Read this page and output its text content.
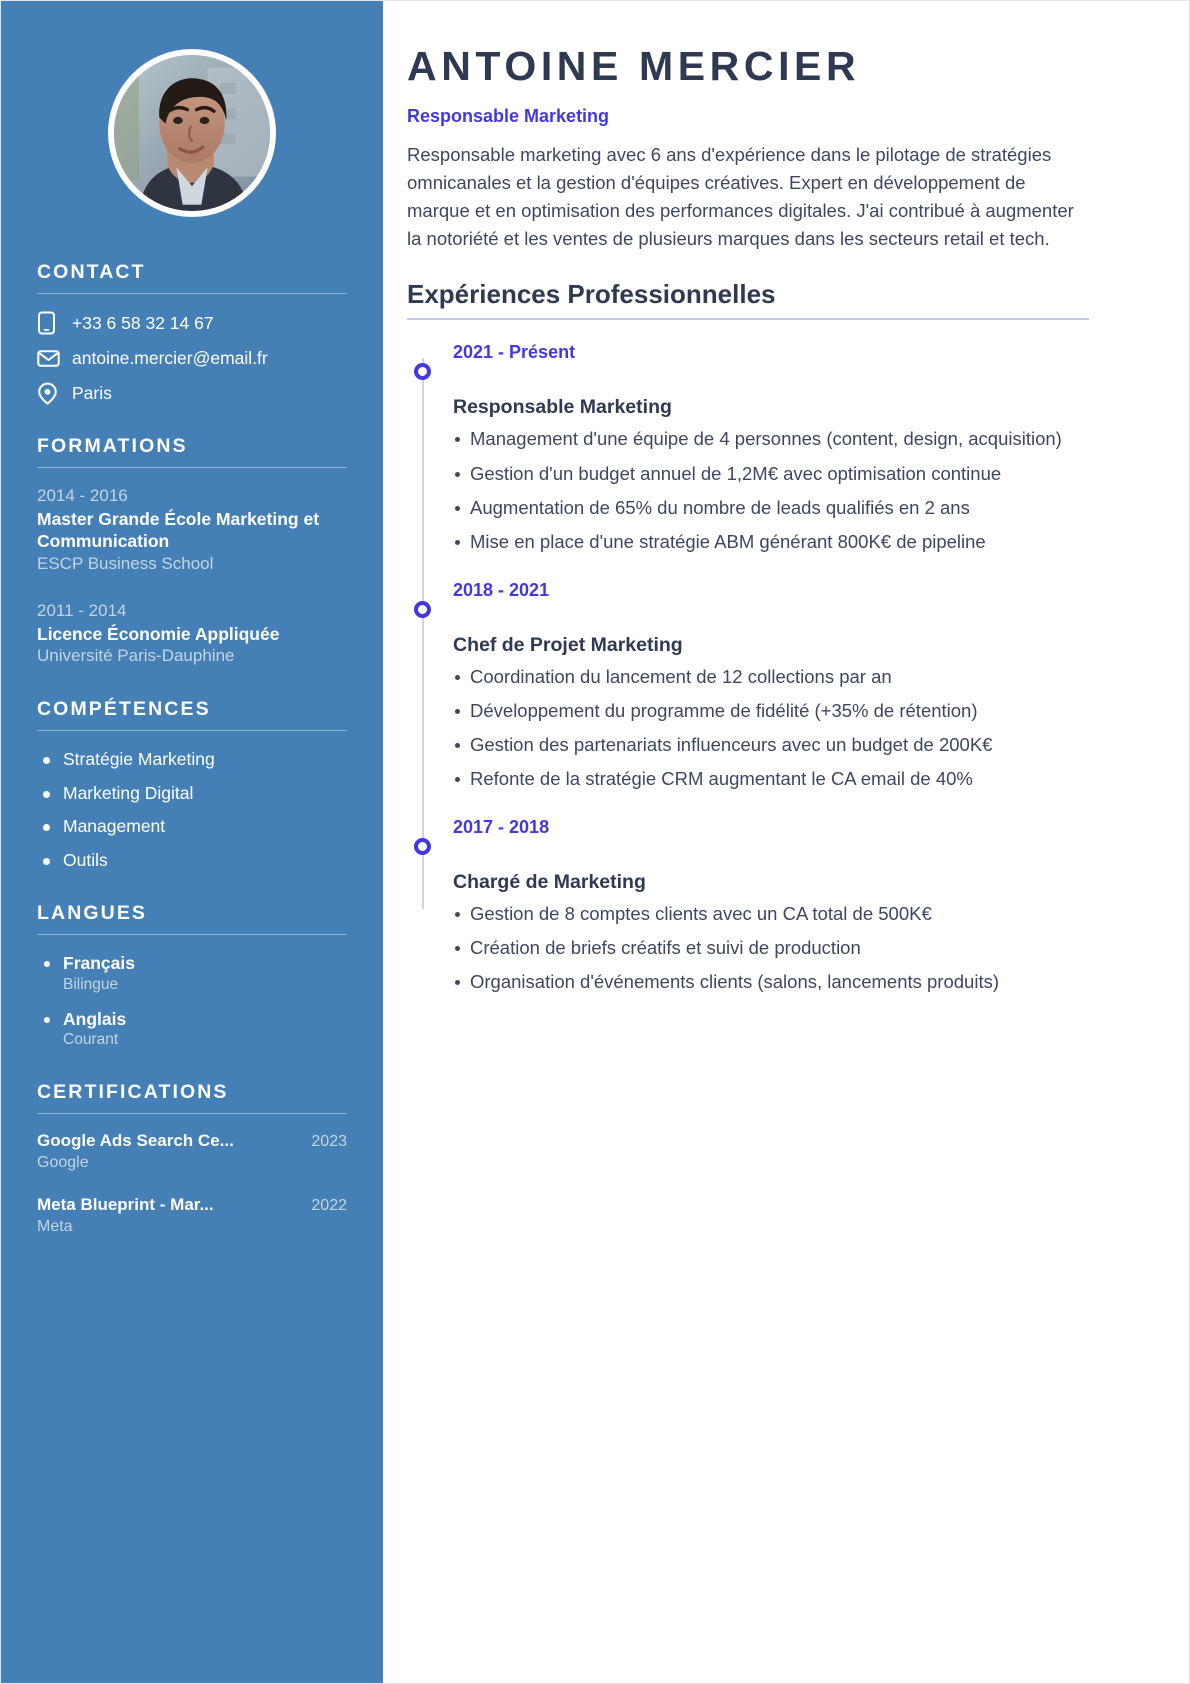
CONTACT
+33 6 58 32 14 67
antoine.mercier@email.fr
Paris
FORMATIONS
2014 - 2016
Master Grande École Marketing et Communication
ESCP Business School
2011 - 2014
Licence Économie Appliquée
Université Paris-Dauphine
COMPÉTENCES
Stratégie Marketing
Marketing Digital
Management
Outils
LANGUES
Français
Bilingue
Anglais
Courant
CERTIFICATIONS
Google Ads Search Ce...	2023
Google
Meta Blueprint - Mar...	2022
Meta
ANTOINE MERCIER
Responsable Marketing

Responsable marketing avec 6 ans d'expérience dans le pilotage de stratégies omnicanales et la gestion d'équipes créatives. Expert en développement de marque et en optimisation des performances digitales. J'ai contribué à augmenter la notoriété et les ventes de plusieurs marques dans les secteurs retail et tech.

Expériences Professionnelles
2021 - Présent
Responsable Marketing
Management d'une équipe de 4 personnes (content, design, acquisition)
Gestion d'un budget annuel de 1,2M€ avec optimisation continue
Augmentation de 65% du nombre de leads qualifiés en 2 ans
Mise en place d'une stratégie ABM générant 800K€ de pipeline
2018 - 2021
Chef de Projet Marketing
Coordination du lancement de 12 collections par an
Développement du programme de fidélité (+35% de rétention)
Gestion des partenariats influenceurs avec un budget de 200K€
Refonte de la stratégie CRM augmentant le CA email de 40%
2017 - 2018
Chargé de Marketing
Gestion de 8 comptes clients avec un CA total de 500K€
Création de briefs créatifs et suivi de production
Organisation d'événements clients (salons, lancements produits)
